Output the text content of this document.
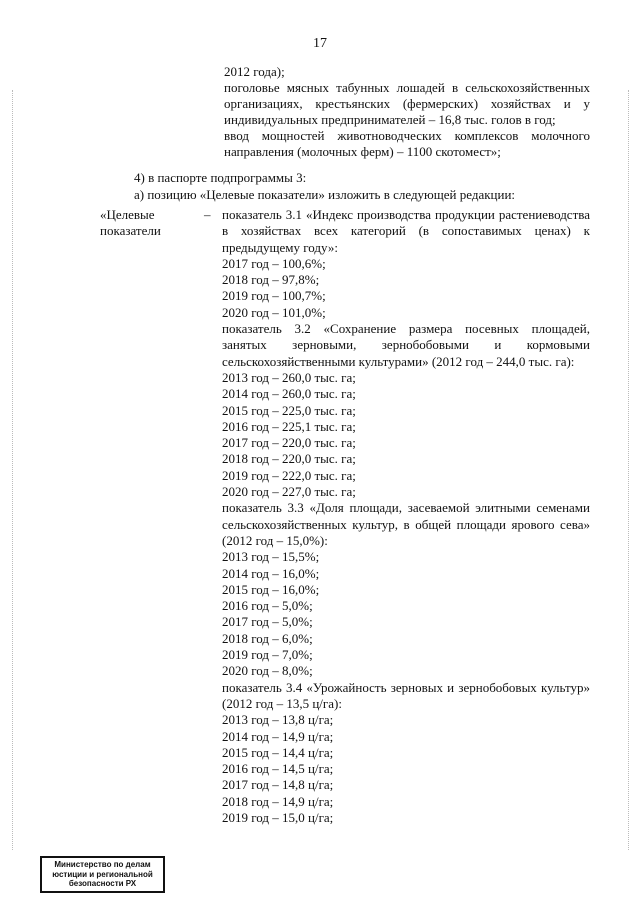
17
2012 года);
поголовье мясных табунных лошадей в сельскохозяйственных организациях, крестьянских (фермерских) хозяйствах и у индивидуальных предпринимателей – 16,8 тыс. голов в год;
ввод мощностей животноводческих комплексов молочного направления (молочных ферм) – 1100 скотомест»;
4) в паспорте подпрограммы 3:
а) позицию «Целевые показатели» изложить в следующей редакции:
«Целевые показатели
– показатель 3.1 «Индекс производства продукции растениеводства в хозяйствах всех категорий (в сопоставимых ценах) к предыдущему году»:
2017 год – 100,6%;
2018 год – 97,8%;
2019 год – 100,7%;
2020 год – 101,0%;
показатель 3.2 «Сохранение размера посевных площадей, занятых зерновыми, зернобобовыми и кормовыми сельскохозяйственными культурами» (2012 год – 244,0 тыс. га):
2013 год – 260,0 тыс. га;
2014 год – 260,0 тыс. га;
2015 год – 225,0 тыс. га;
2016 год – 225,1 тыс. га;
2017 год – 220,0 тыс. га;
2018 год – 220,0 тыс. га;
2019 год – 222,0 тыс. га;
2020 год – 227,0 тыс. га;
показатель 3.3 «Доля площади, засеваемой элитными семенами сельскохозяйственных культур, в общей площади ярового сева» (2012 год – 15,0%):
2013 год – 15,5%;
2014 год – 16,0%;
2015 год – 16,0%;
2016 год – 5,0%;
2017 год – 5,0%;
2018 год – 6,0%;
2019 год – 7,0%;
2020 год – 8,0%;
показатель 3.4 «Урожайность зерновых и зернобобовых культур» (2012 год – 13,5 ц/га):
2013 год – 13,8 ц/га;
2014 год – 14,9 ц/га;
2015 год – 14,4 ц/га;
2016 год – 14,5 ц/га;
2017 год – 14,8 ц/га;
2018 год – 14,9 ц/га;
2019 год – 15,0 ц/га;
Министерство по делам юстиции и региональной безопасности РХ
